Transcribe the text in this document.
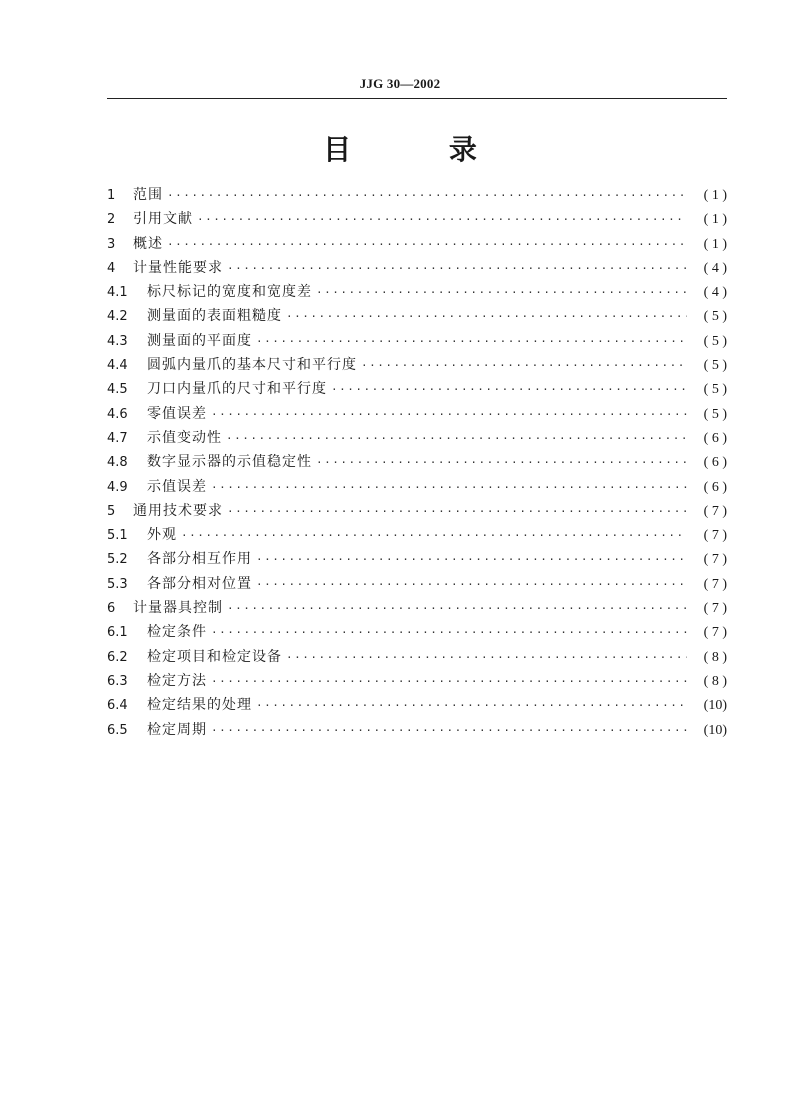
JJG 30—2002
目 录
1	范围 ·····	( 1 )
2	引用文献 ·····	( 1 )
3	概述 ·····	( 1 )
4	计量性能要求 ·····	( 4 )
4.1	标尺标记的宽度和宽度差 ·····	( 4 )
4.2	测量面的表面粗糙度 ·····	( 5 )
4.3	测量面的平面度 ·····	( 5 )
4.4	圆弧内量爪的基本尺寸和平行度 ·····	( 5 )
4.5	刀口内量爪的尺寸和平行度 ·····	( 5 )
4.6	零值误差 ·····	( 5 )
4.7	示值变动性 ·····	( 6 )
4.8	数字显示器的示值稳定性 ·····	( 6 )
4.9	示值误差 ·····	( 6 )
5	通用技术要求 ·····	( 7 )
5.1	外观 ·····	( 7 )
5.2	各部分相互作用 ·····	( 7 )
5.3	各部分相对位置 ·····	( 7 )
6	计量器具控制 ·····	( 7 )
6.1	检定条件 ·····	( 7 )
6.2	检定项目和检定设备 ·····	( 8 )
6.3	检定方法 ·····	( 8 )
6.4	检定结果的处理 ·····	(10)
6.5	检定周期 ·····	(10)
